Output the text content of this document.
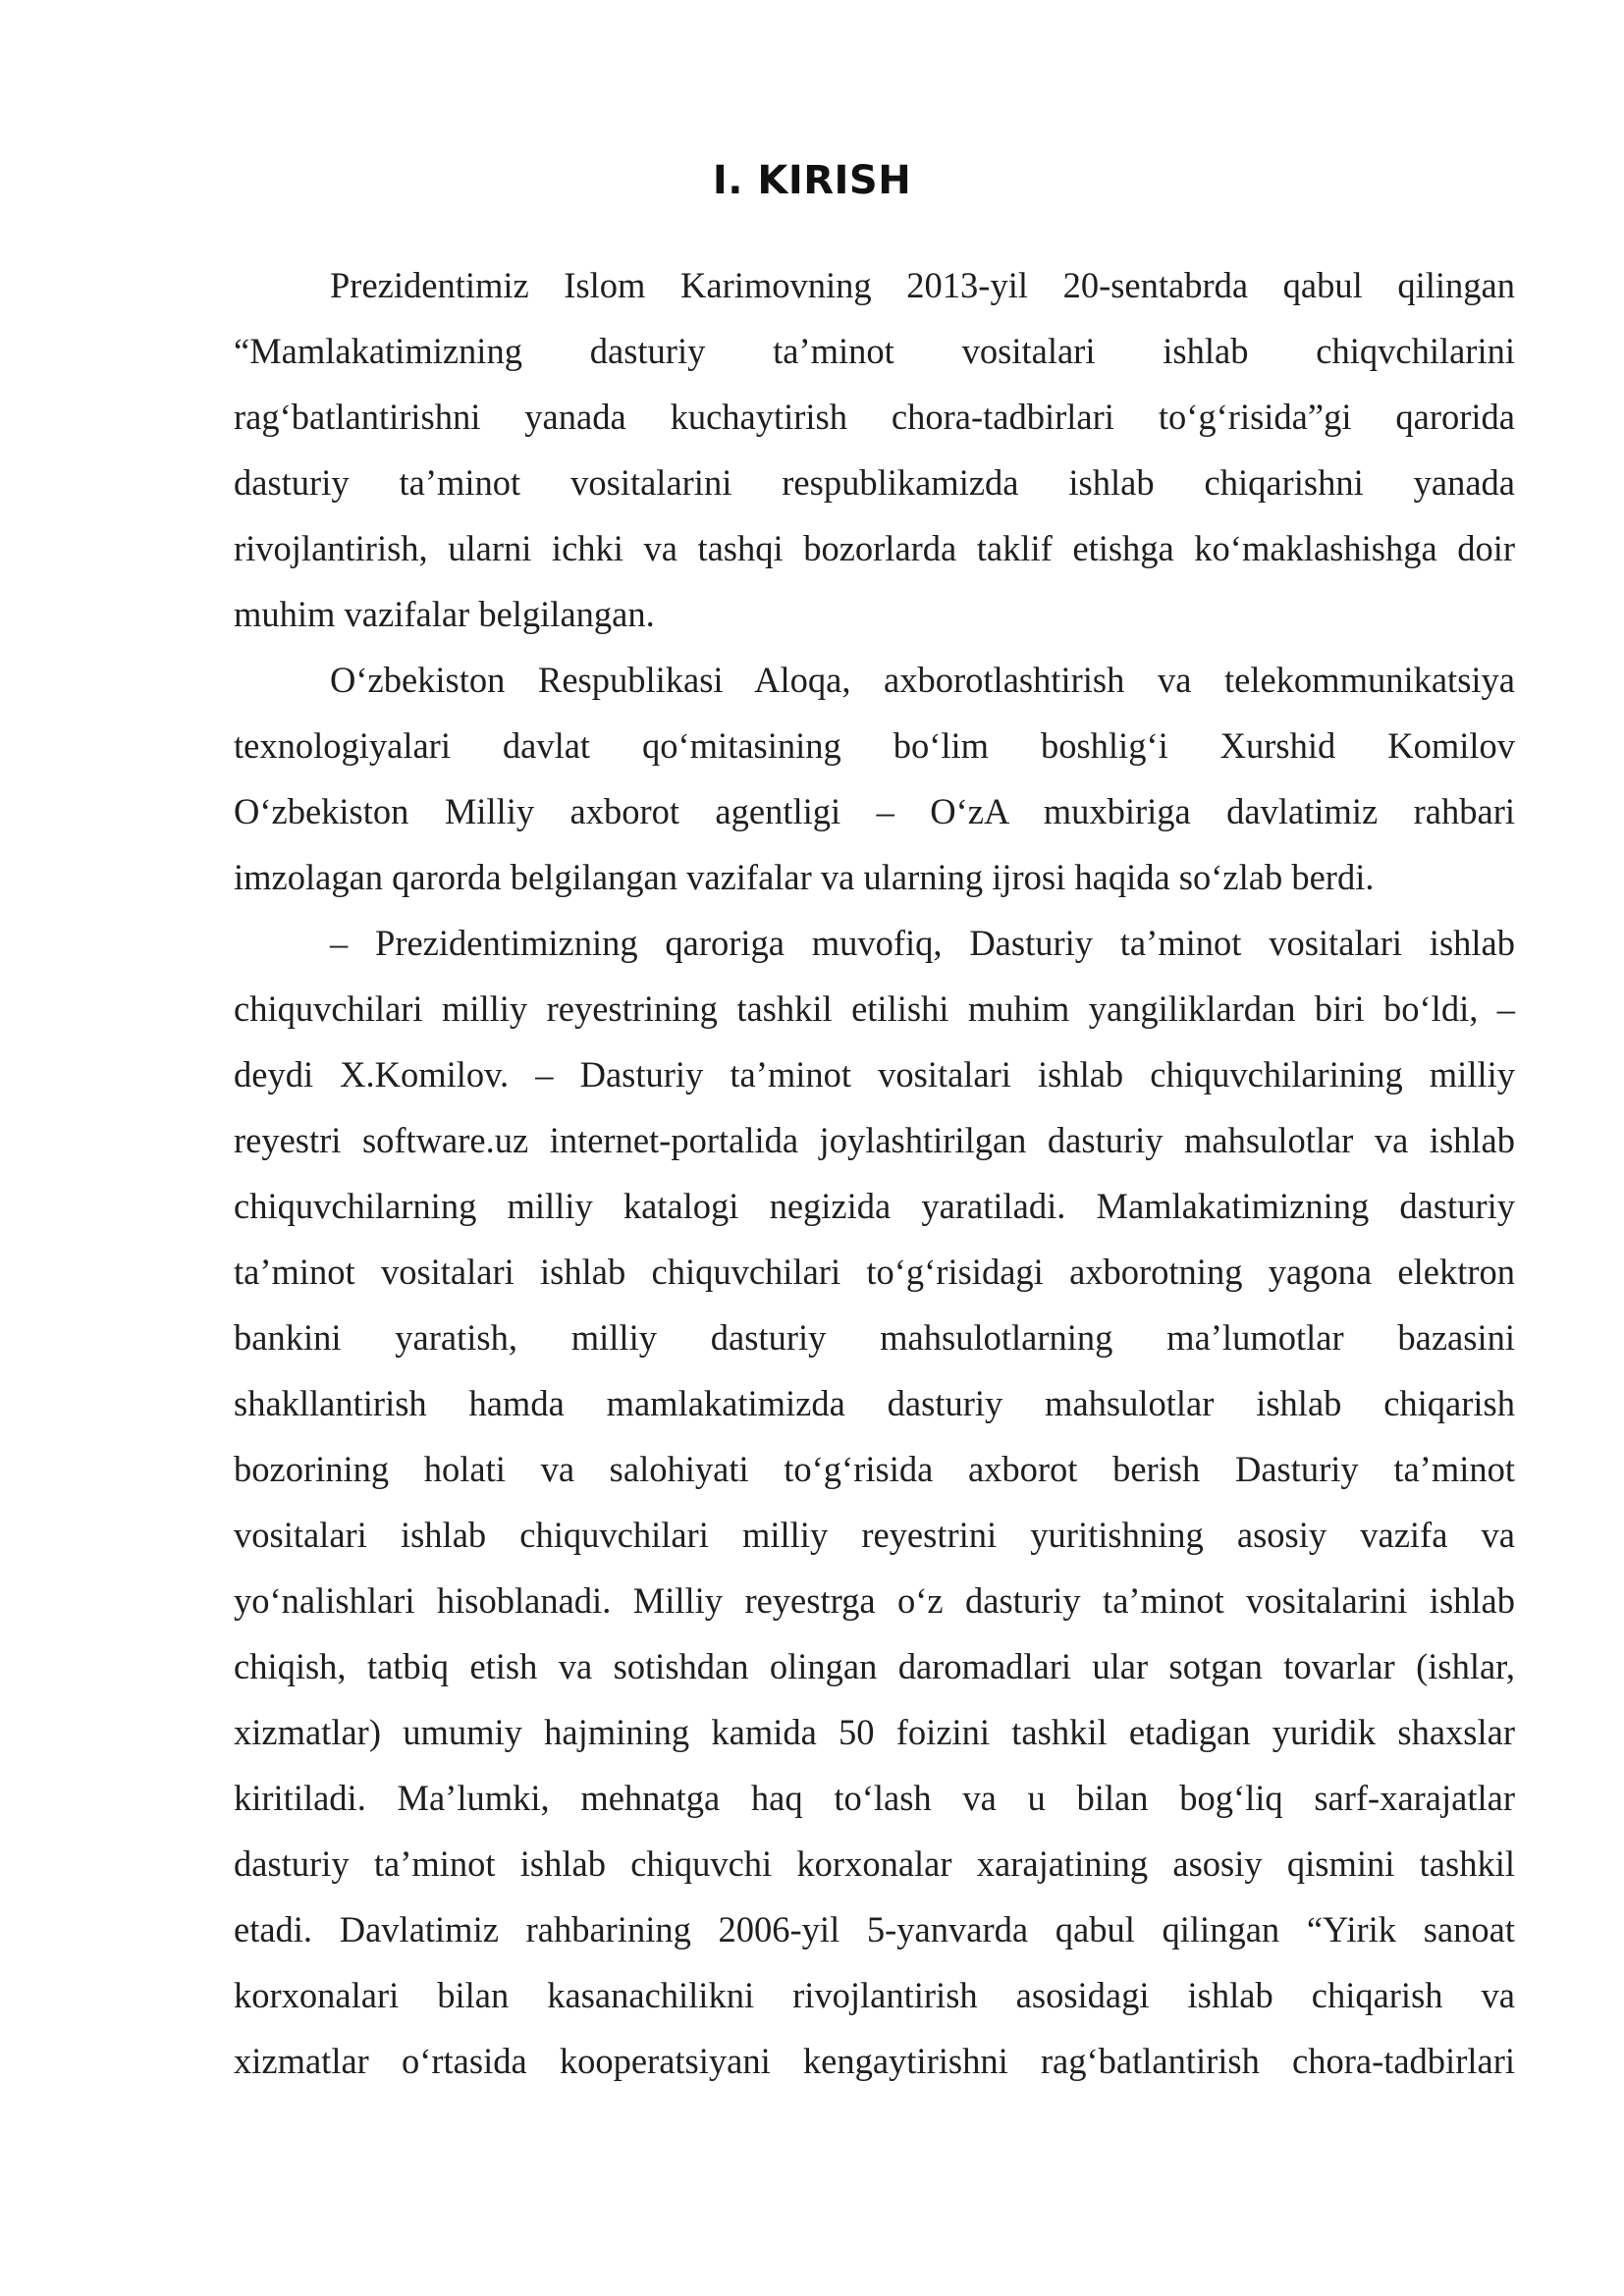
I. KIRISH
Prezidentimiz Islom Karimovning 2013-yil 20-sentabrda qabul qilingan
“Mamlakatimizning dasturiy ta’minot vositalari ishlab chiqvchilarini
rag‘batlantirishni yanada kuchaytirish chora-tadbirlari to‘g‘risida”gi qarorida
dasturiy ta’minot vositalarini respublikamizda ishlab chiqarishni yanada
rivojlantirish, ularni ichki va tashqi bozorlarda taklif etishga ko‘maklashishga doir
muhim vazifalar belgilangan.
O‘zbekiston Respublikasi Aloqa, axborotlashtirish va telekommunikatsiya
texnologiyalari davlat qo‘mitasining bo‘lim boshlig‘i Xurshid Komilov
O‘zbekiston Milliy axborot agentligi – O‘zA muxbiriga davlatimiz rahbari
imzolagan qarorda belgilangan vazifalar va ularning ijrosi haqida so‘zlab berdi.
– Prezidentimizning qaroriga muvofiq, Dasturiy ta’minot vositalari ishlab
chiquvchilari milliy reyestrining tashkil etilishi muhim yangiliklardan biri bo‘ldi, –
deydi X.Komilov. – Dasturiy ta’minot vositalari ishlab chiquvchilarining milliy
reyestri software.uz internet-portalida joylashtirilgan dasturiy mahsulotlar va ishlab
chiquvchilarning milliy katalogi negizida yaratiladi. Mamlakatimizning dasturiy
ta’minot vositalari ishlab chiquvchilari to‘g‘risidagi axborotning yagona elektron
bankini yaratish, milliy dasturiy mahsulotlarning ma’lumotlar bazasini
shakllantirish hamda mamlakatimizda dasturiy mahsulotlar ishlab chiqarish
bozorining holati va salohiyati to‘g‘risida axborot berish Dasturiy ta’minot
vositalari ishlab chiquvchilari milliy reyestrini yuritishning asosiy vazifa va
yo‘nalishlari hisoblanadi. Milliy reyestrga o‘z dasturiy ta’minot vositalarini ishlab
chiqish, tatbiq etish va sotishdan olingan daromadlari ular sotgan tovarlar (ishlar,
xizmatlar) umumiy hajmining kamida 50 foizini tashkil etadigan yuridik shaxslar
kiritiladi. Ma’lumki, mehnatga haq to‘lash va u bilan bog‘liq sarf-xarajatlar
dasturiy ta’minot ishlab chiquvchi korxonalar xarajatining asosiy qismini tashkil
etadi. Davlatimiz rahbarining 2006-yil 5-yanvarda qabul qilingan “Yirik sanoat
korxonalari bilan kasanachilikni rivojlantirish asosidagi ishlab chiqarish va
xizmatlar o‘rtasida kooperatsiyani kengaytirishni rag‘batlantirish chora-tadbirlari
